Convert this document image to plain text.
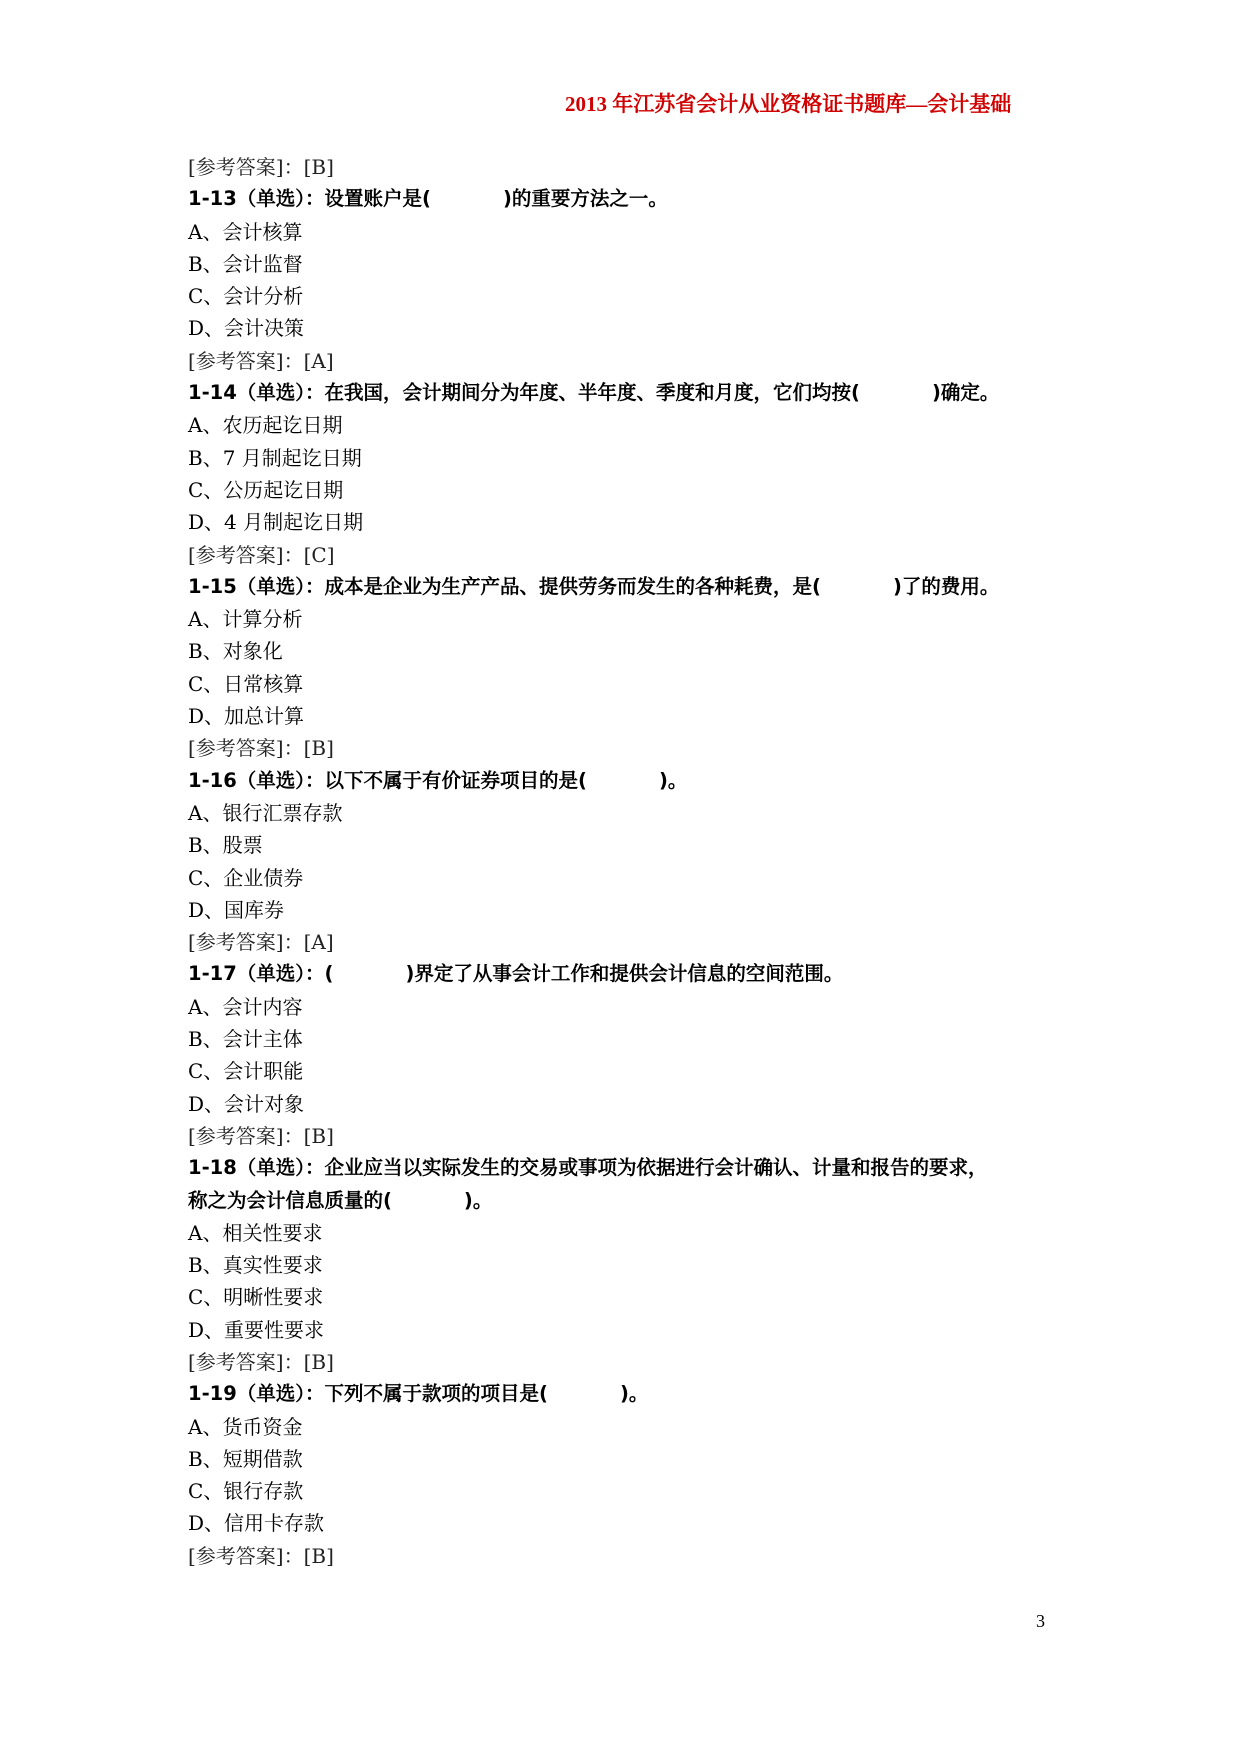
2013 年江苏省会计从业资格证书题库—会计基础
[参考答案]：[B]
1-13（单选）：设置账户是(	)的重要方法之一。
A、会计核算
B、会计监督
C、会计分析
D、会计决策
[参考答案]：[A]
1-14（单选）：在我国，会计期间分为年度、半年度、季度和月度，它们均按(	)确定。
A、农历起讫日期
B、7 月制起讫日期
C、公历起讫日期
D、4 月制起讫日期
[参考答案]：[C]
1-15（单选）：成本是企业为生产产品、提供劳务而发生的各种耗费，是(	)了的费用。
A、计算分析
B、对象化
C、日常核算
D、加总计算
[参考答案]：[B]
1-16（单选）：以下不属于有价证券项目的是(	)。
A、银行汇票存款
B、股票
C、企业债券
D、国库券
[参考答案]：[A]
1-17（单选）：(	)界定了从事会计工作和提供会计信息的空间范围。
A、会计内容
B、会计主体
C、会计职能
D、会计对象
[参考答案]：[B]
1-18（单选）：企业应当以实际发生的交易或事项为依据进行会计确认、计量和报告的要求，
称之为会计信息质量的(	)。
A、相关性要求
B、真实性要求
C、明晰性要求
D、重要性要求
[参考答案]：[B]
1-19（单选）：下列不属于款项的项目是(	)。
A、货币资金
B、短期借款
C、银行存款
D、信用卡存款
[参考答案]：[B]
3
